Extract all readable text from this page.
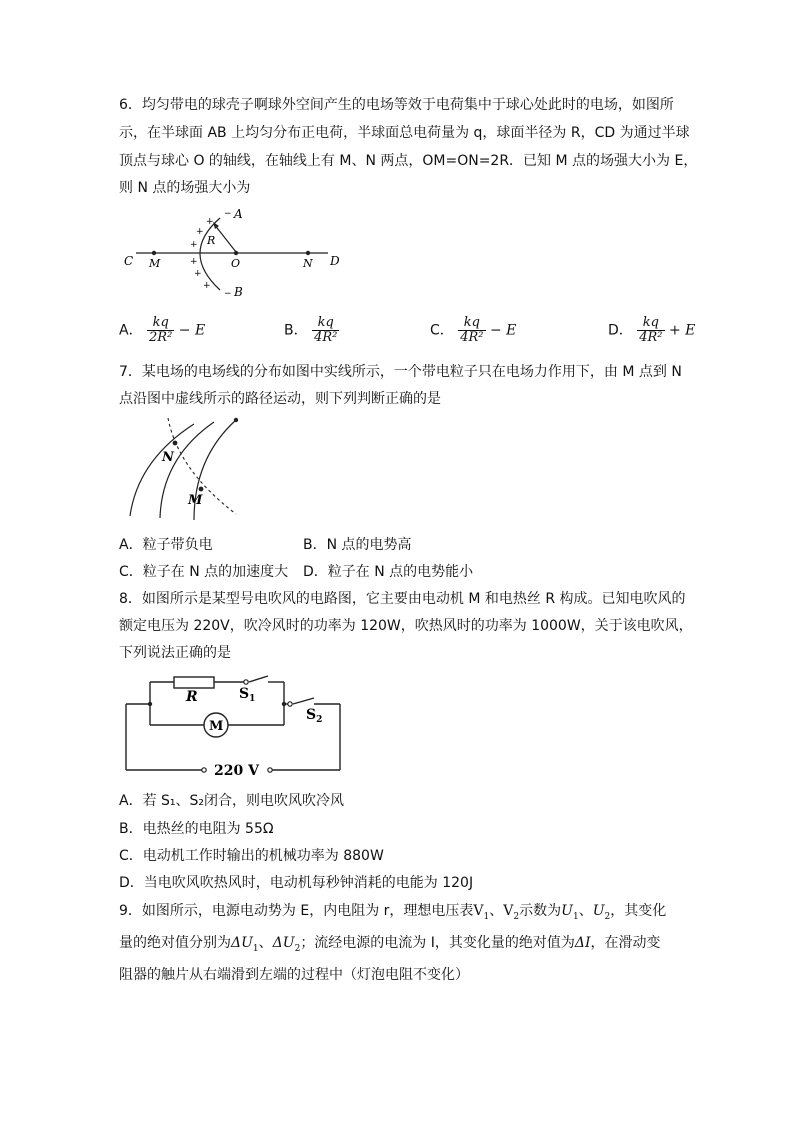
6．均匀带电的球壳子啊球外空间产生的电场等效于电荷集中于球心处此时的电场，如图所
示，在半球面 AB 上均匀分布正电荷，半球面总电荷量为 q，球面半径为 R，CD 为通过半球
顶点与球心 O 的轴线，在轴线上有 M、N 两点，OM=ON=2R．已知 M 点的场强大小为 E，
则 N 点的场强大小为
C M	O	N D
A
B
R
−
−
+
+
+
+
+
+
A． $\frac{kq}{\text{2R²}} - E$	B． $\frac{kq}{\text{4R²}}$	C． $\frac{kq}{\text{4R²}} - E$	D． $\frac{kq}{\text{4R²}} + E$
7．某电场的电场线的分布如图中实线所示，一个带电粒子只在电场力作用下，由 M 点到 N
点沿图中虚线所示的路径运动，则下列判断正确的是
N
M
A．粒子带负电	B．N 点的电势高
C．粒子在 N 点的加速度大 D．粒子在 N 点的电势能小
8．如图所示是某型号电吹风的电路图，它主要由电动机 M 和电热丝 R 构成。已知电吹风的
额定电压为 220V，吹冷风时的功率为 120W，吹热风时的功率为 1000W，关于该电吹风，
下列说法正确的是
R	$S_1$
$S_2$
M
220 V
A．若 S₁、S₂闭合，则电吹风吹冷风
B．电热丝的电阻为 55Ω
C．电动机工作时输出的机械功率为 880W
D．当电吹风吹热风时，电动机每秒钟消耗的电能为 120J
9．如图所示，电源电动势为 E，内电阻为 r，理想电压表$V_1$、$V_2$示数为$U_1$、$U_2$，其变化
量的绝对值分别为$\Delta U_1$、$\Delta U_2$；流经电源的电流为 I，其变化量的绝对值为ΔI，在滑动变
阻器的触片从右端滑到左端的过程中（灯泡电阻不变化）
